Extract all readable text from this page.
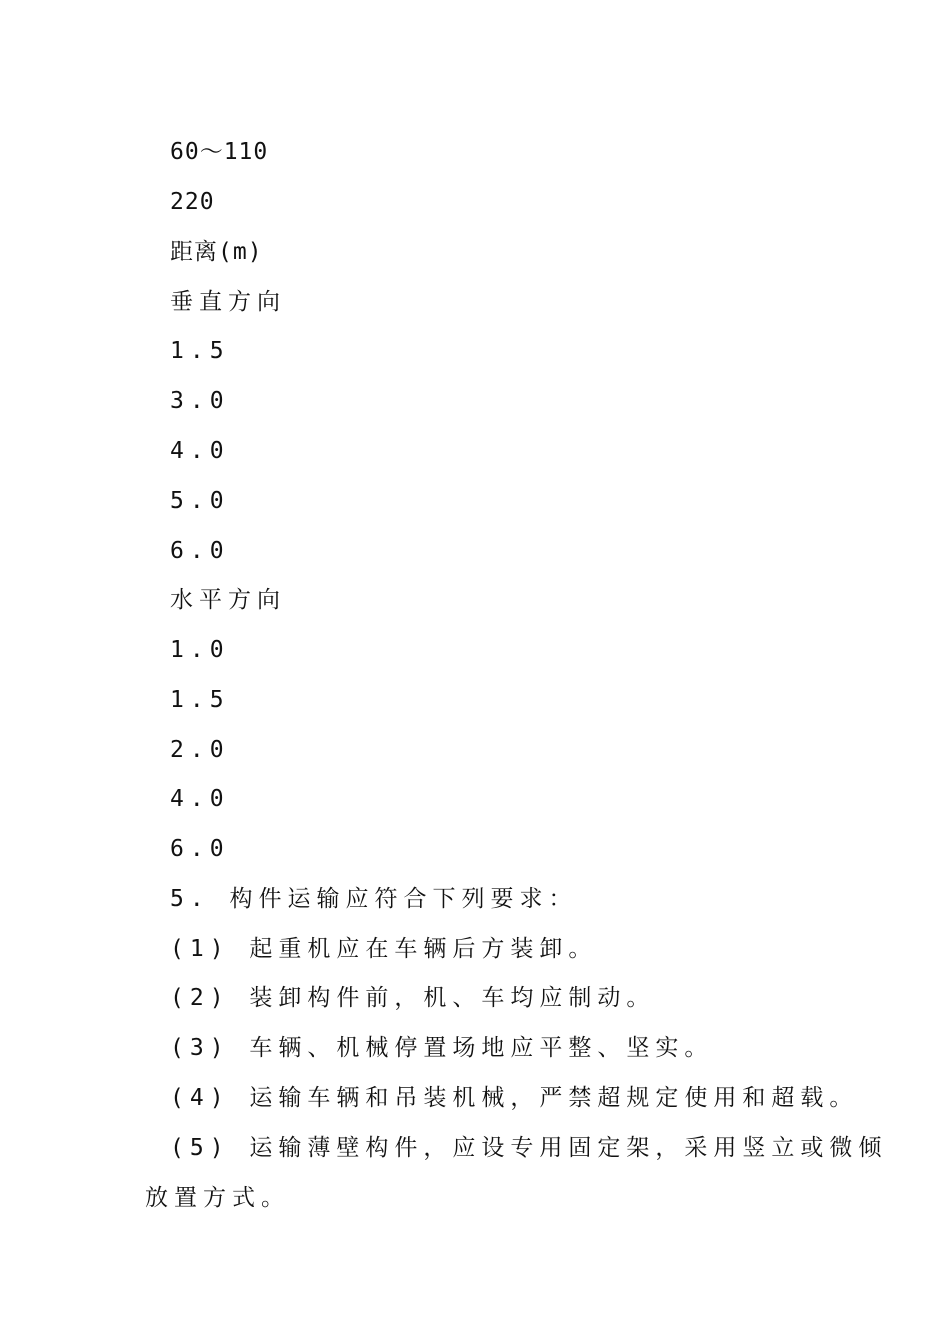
60～110
220
距离(m)
垂直方向
1.5
3.0
4.0
5.0
6.0
水平方向
1.0
1.5
2.0
4.0
6.0
5. 构件运输应符合下列要求：
(1) 起重机应在车辆后方装卸。
(2) 装卸构件前，机、车均应制动。
(3) 车辆、机械停置场地应平整、坚实。
(4) 运输车辆和吊装机械，严禁超规定使用和超载。
(5) 运输薄壁构件，应设专用固定架，采用竖立或微倾
放置方式。
